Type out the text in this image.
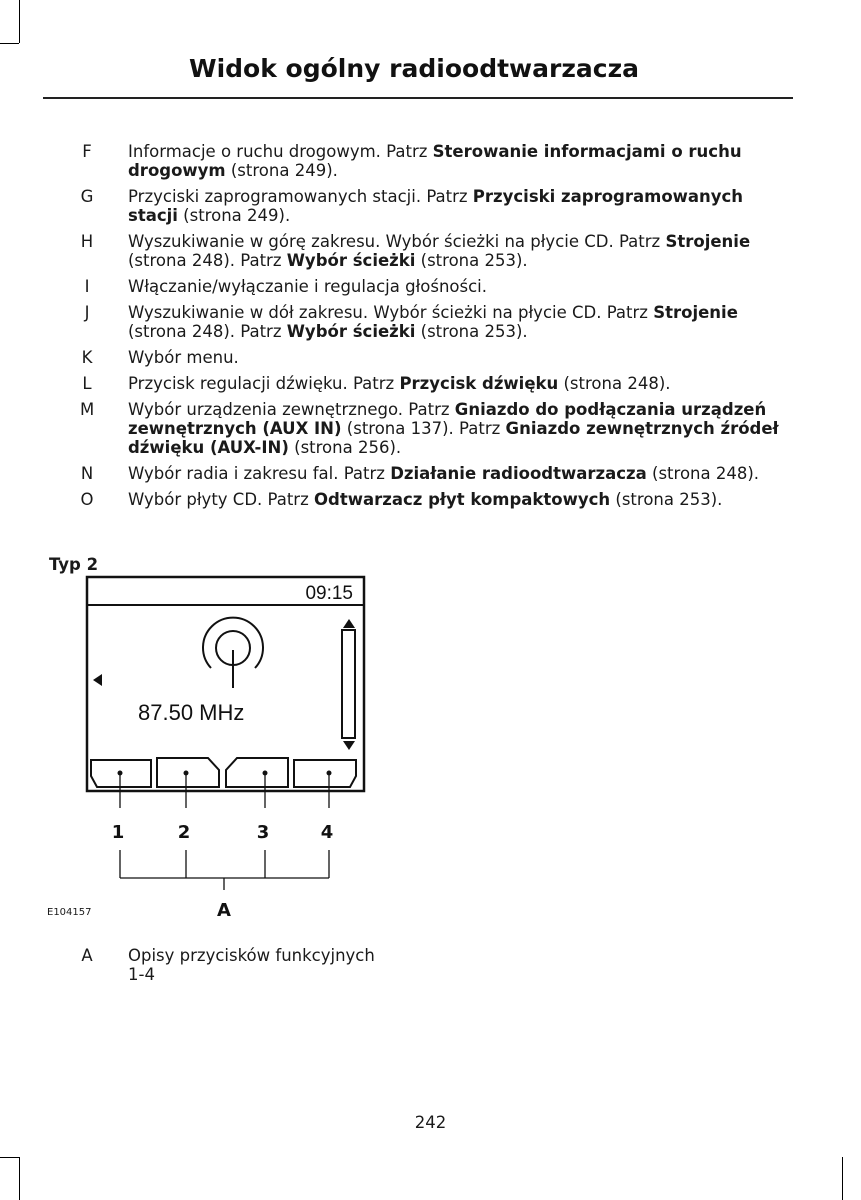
Widok ogólny radioodtwarzacza
F Informacje o ruchu drogowym. Patrz Sterowanie informacjami o ruchu drogowym (strona 249).
G Przyciski zaprogramowanych stacji. Patrz Przyciski zaprogramowanych stacji (strona 249).
H Wyszukiwanie w górę zakresu. Wybór ścieżki na płycie CD. Patrz Strojenie (strona 248). Patrz Wybór ścieżki (strona 253).
I Włączanie/wyłączanie i regulacja głośności.
J Wyszukiwanie w dół zakresu. Wybór ścieżki na płycie CD. Patrz Strojenie (strona 248). Patrz Wybór ścieżki (strona 253).
K Wybór menu.
L Przycisk regulacji dźwięku. Patrz Przycisk dźwięku (strona 248).
M Wybór urządzenia zewnętrznego. Patrz Gniazdo do podłączania urządzeń zewnętrznych (AUX IN) (strona 137). Patrz Gniazdo zewnętrznych źródeł dźwięku (AUX-IN) (strona 256).
N Wybór radia i zakresu fal. Patrz Działanie radioodtwarzacza (strona 248).
O Wybór płyty CD. Patrz Odtwarzacz płyt kompaktowych (strona 253).
Typ 2
09:15
87.50 MHz
1	2	3	4
A
E104157
A Opisy przycisków funkcyjnych 1-4
242
